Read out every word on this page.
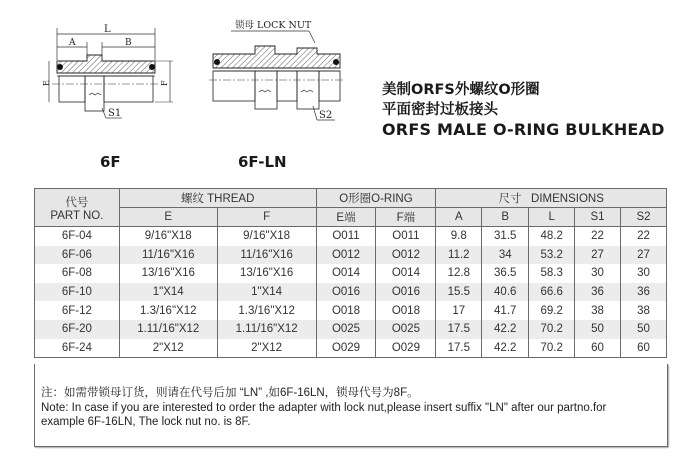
L
A	B
E	F
S1
锁母 LOCK NUT
S2
6F	6F-LN
美制ORFS外螺纹O形圈
平面密封过板接头
ORFS MALE O-RING BULKHEAD
代号
PART NO.	螺纹 THREAD		O形圈O-RING		尺寸   DIMENSIONS				
	E	F	E端	F端	A	B	L	S1	S2
6F-04	9/16"X18	9/16"X18	O011	O011	9.8	31.5	48.2	22	22
6F-06	11/16"X16	11/16"X16	O012	O012	11.2	34	53.2	27	27
6F-08	13/16"X16	13/16"X16	O014	O014	12.8	36.5	58.3	30	30
6F-10	1"X14	1"X14	O016	O016	15.5	40.6	66.6	36	36
6F-12	1.3/16"X12	1.3/16"X12	O018	O018	17	41.7	69.2	38	38
6F-20	1.11/16"X12	1.11/16"X12	O025	O025	17.5	42.2	70.2	50	50
6F-24	2"X12	2"X12	O029	O029	17.5	42.2	70.2	60	60

注：如需带锁母订货，则请在代号后加 “LN” ,如6F-16LN，锁母代号为8F。

Note: In case if you are interested to order the adapter with lock nut,please insert suffix "LN" after our partno.for

example 6F-16LN, The lock nut no. is 8F.
